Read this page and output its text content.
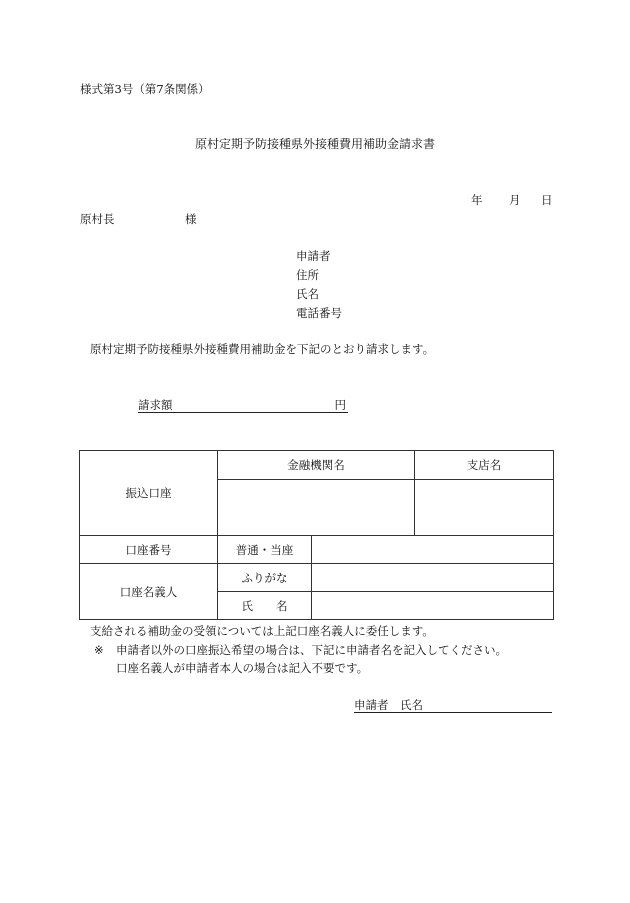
様式第3号（第7条関係）
原村定期予防接種県外接種費用補助金請求書
年 月 日
原村長	様
申請者
住所
氏名
電話番号
原村定期予防接種県外接種費用補助金を下記のとおり請求します。
請求額	円
振込口座	金融機関名		支店名

口座番号	普通・当座		
口座名義人	ふりがな		
	氏　　名		
支給される補助金の受領については上記口座名義人に委任します。
※ 申請者以外の口座振込希望の場合は、下記に申請者名を記入してください。
口座名義人が申請者本人の場合は記入不要です。
申請者 氏名
